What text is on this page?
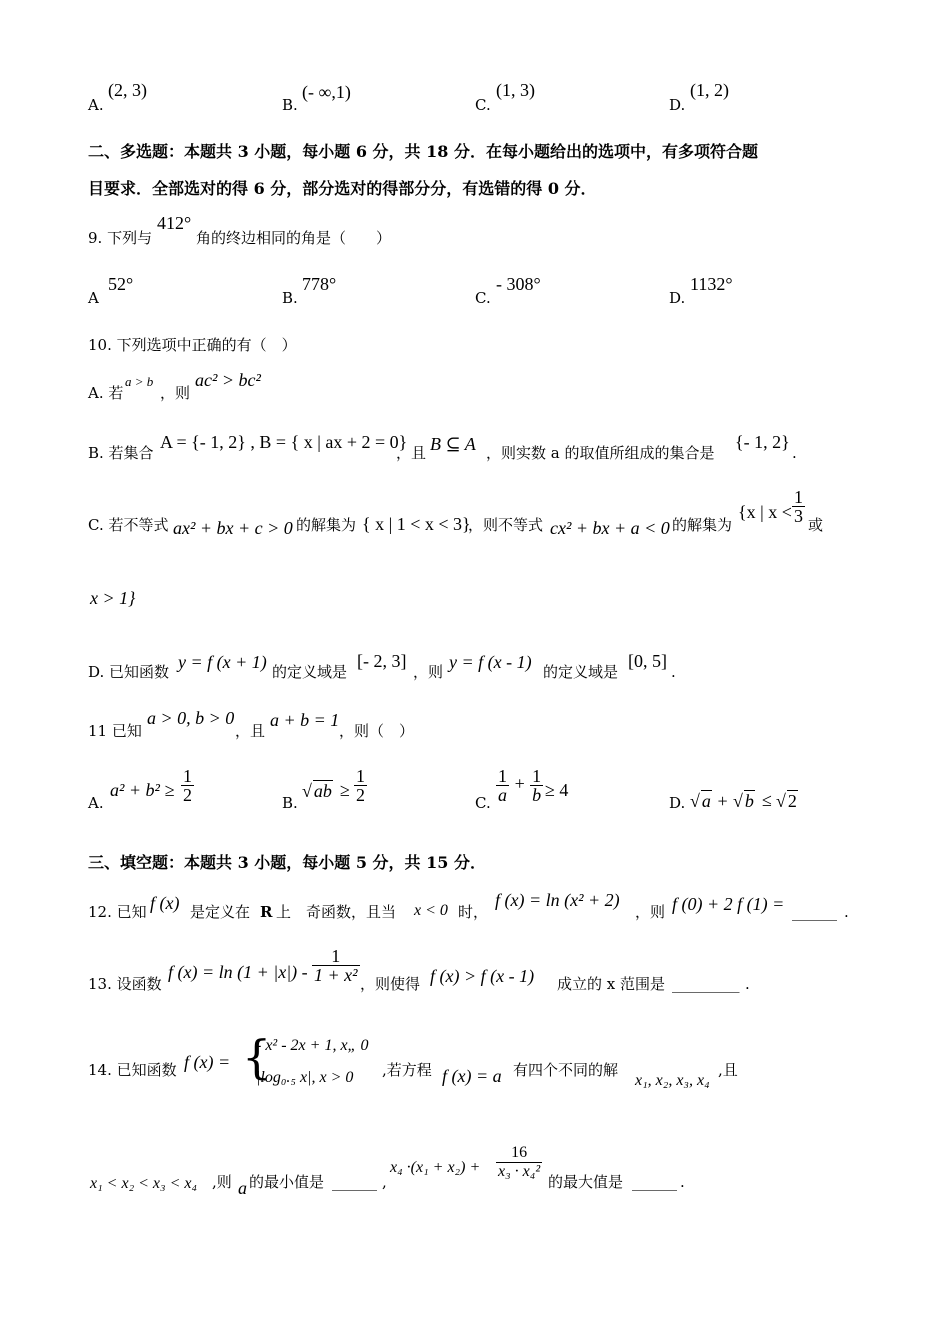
A.
(2, 3)
B.
(- ∞,1)
C.
(1, 3)
D.
(1, 2)
二、多选题：本题共 3 小题，每小题 6 分，共 18 分．在每小题给出的选项中，有多项符合题
目要求．全部选对的得 6 分，部分选对的得部分分，有选错的得 0 分．
9. 下列与
412°
角的终边相同的角是（　　）
A
52°
B.
778°
C.
- 308°
D.
1132°
10. 下列选项中正确的有（　）
A. 若
a > b
，则
ac² > bc²
B. 若集合
A = {- 1, 2} , B = { x | ax + 2 = 0}
，且 B ⊆ A ，则实数 a 的取值所组成的集合是
{- 1, 2}
.
C. 若不等式 ax² + bx + c > 0 的解集为 { x | 1 < x < 3}
，则不等式 cx² + bx + a < 0 的解集为
{x | $x < \frac{1}{3}$ 或
x > 1}
D. 已知函数 y = f (x + 1) 的定义域是
[- 2, 3]
，则 y = f (x - 1) 的定义域是
[0, 5]
.
11 已知
a > 0, b > 0
，且
a + b = 1
，则（　）
A.
$a^2 + b^2 \ge \frac{1}{2}$	B.
√ ab ≥ $\frac{1}{2}$	C. $\frac{1}{a} + \frac{1}{b} \ge 4$
D. √ a + √ b ≤ √ 2
三、填空题：本题共 3 小题，每小题 5 分，共 15 分．
12. 已知 f (x) 是定义在 R 上　奇函数，且当 x < 0 时，
f (x) = ln (x² + 2)
，则 f (0) + 2 f (1) = ______ .
13. 设函数
f $(x) = \ln (1 + |x|) - \frac{1}{\text{1 + x²}}$ ，则使得 f (x) > f (x - 1) 成立的 x 范围是 _________ .
14. 已知函数 f (x) = {
- x² - 2x + 1, x„ 0
|log₀.₅ x|, x > 0 ,若方程 f (x) = a 有四个不同的解
x₁, x₂, x₃, x₄
,且
x₁ < x₂ < x₃ < x₄ ,则 a 的最小值是 ______ ,
$x_4 \cdot(x_1 + x_2) + \frac{16}{\text{x₃ · x₄²}}$
的最大值是 ______ .
